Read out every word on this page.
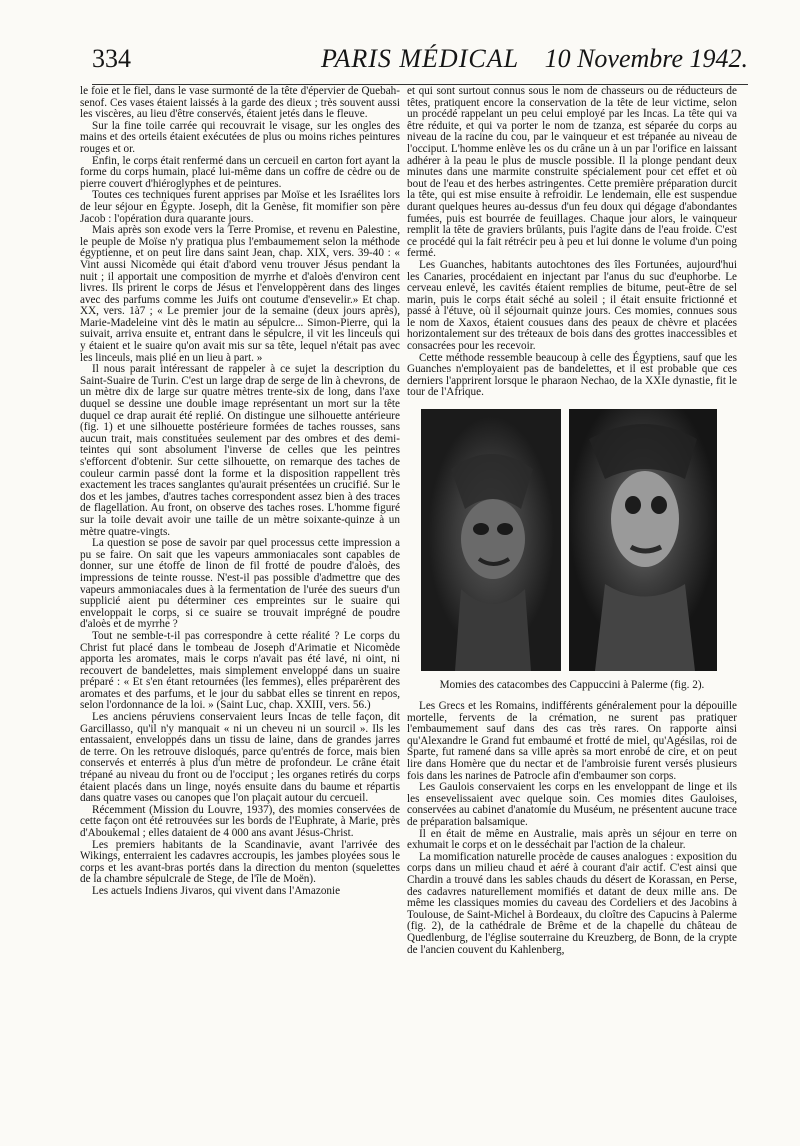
334	PARIS MÉDICAL 10 Novembre 1942.

le foie et le fiel, dans le vase surmonté de la tête d'épervier de Quebah-senof. Ces vases étaient laissés à la garde des dieux ; très souvent aussi les viscères, au lieu d'être conservés, étaient jetés dans le fleuve.

Sur la fine toile carrée qui recouvrait le visage, sur les ongles des mains et des orteils étaient exécutées de plus ou moins riches peintures rouges et or.

Enfin, le corps était renfermé dans un cercueil en carton fort ayant la forme du corps humain, placé lui-même dans un coffre de cèdre ou de pierre couvert d'hiéroglyphes et de peintures.

Toutes ces techniques furent apprises par Moïse et les Israélites lors de leur séjour en Égypte. Joseph, dit la Genèse, fit momifier son père Jacob : l'opération dura quarante jours.

Mais après son exode vers la Terre Promise, et revenu en Palestine, le peuple de Moïse n'y pratiqua plus l'embaumement selon la méthode égyptienne, et on peut lire dans saint Jean, chap. XIX, vers. 39-40 : « Vint aussi Nicomède qui était d'abord venu trouver Jésus pendant la nuit ; il apportait une composition de myrrhe et d'aloès d'environ cent livres. Ils prirent le corps de Jésus et l'enveloppèrent dans des linges avec des parfums comme les Juifs ont coutume d'ensevelir.» Et chap. XX, vers. 1à7 ; « Le premier jour de la semaine (deux jours après), Marie-Madeleine vint dès le matin au sépulcre... Simon-Pierre, qui la suivait, arriva ensuite et, entrant dans le sépulcre, il vit les linceuls qui y étaient et le suaire qu'on avait mis sur sa tête, lequel n'était pas avec les linceuls, mais plié en un lieu à part. »

Il nous parait intéressant de rappeler à ce sujet la description du Saint-Suaire de Turin. C'est un large drap de serge de lin à chevrons, de un mètre dix de large sur quatre mètres trente-six de long, dans l'axe duquel se dessine une double image représentant un mort sur la tête duquel ce drap aurait été replié. On distingue une silhouette antérieure (fig. 1) et une silhouette postérieure formées de taches rousses, sans aucun trait, mais constituées seulement par des ombres et des demi-teintes qui sont absolument l'inverse de celles que les peintres s'efforcent d'obtenir. Sur cette silhouette, on remarque des taches de couleur carmin passé dont la forme et la disposition rappellent très exactement les traces sanglantes qu'aurait présentées un crucifié. Sur le dos et les jambes, d'autres taches correspondent assez bien à des traces de flagellation. Au front, on observe des taches roses. L'homme figuré sur la toile devait avoir une taille de un mètre soixante-quinze à un mètre quatre-vingts.

La question se pose de savoir par quel processus cette impression a pu se faire. On sait que les vapeurs ammoniacales sont capables de donner, sur une étoffe de linon de fil frotté de poudre d'aloès, des impressions de teinte rousse. N'est-il pas possible d'admettre que des vapeurs ammoniacales dues à la fermentation de l'urée des sueurs d'un supplicié aient pu déterminer ces empreintes sur le suaire qui enveloppait le corps, si ce suaire se trouvait imprégné de poudre d'aloès et de myrrhe ?

Tout ne semble-t-il pas correspondre à cette réalité ? Le corps du Christ fut placé dans le tombeau de Joseph d'Arimatie et Nicomède apporta les aromates, mais le corps n'avait pas été lavé, ni oint, ni recouvert de bandelettes, mais simplement enveloppé dans un suaire préparé : « Et s'en étant retournées (les femmes), elles préparèrent des aromates et des parfums, et le jour du sabbat elles se tinrent en repos, selon l'ordonnance de la loi. » (Saint Luc, chap. XXIII, vers. 56.)

Les anciens péruviens conservaient leurs Incas de telle façon, dit Garcillasso, qu'il n'y manquait « ni un cheveu ni un sourcil ». Ils les entassaient, enveloppés dans un tissu de laine, dans de grandes jarres de terre. On les retrouve disloqués, parce qu'entrés de force, mais bien conservés et enterrés à plus d'un mètre de profondeur. Le crâne était trépané au niveau du front ou de l'occiput ; les organes retirés du corps étaient placés dans un linge, noyés ensuite dans du baume et répartis dans quatre vases ou canopes que l'on plaçait autour du cercueil.

Récemment (Mission du Louvre, 1937), des momies conservées de cette façon ont été retrouvées sur les bords de l'Euphrate, à Marie, près d'Aboukemal ; elles dataient de 4 000 ans avant Jésus-Christ.

Les premiers habitants de la Scandinavie, avant l'arrivée des Wikings, enterraient les cadavres accroupis, les jambes ployées sous le corps et les avant-bras portés dans la direction du menton (squelettes de la chambre sépulcrale de Stege, de l'île de Moën).

Les actuels Indiens Jivaros, qui vivent dans l'Amazonie

et qui sont surtout connus sous le nom de chasseurs ou de réducteurs de têtes, pratiquent encore la conservation de la tête de leur victime, selon un procédé rappelant un peu celui employé par les Incas. La tête qui va être réduite, et qui va porter le nom de tzanza, est séparée du corps au niveau de la racine du cou, par le vainqueur et est trépanée au niveau de l'occiput. L'homme enlève les os du crâne un à un par l'orifice en laissant adhérer à la peau le plus de muscle possible. Il la plonge pendant deux minutes dans une marmite construite spécialement pour cet effet et où bout de l'eau et des herbes astringentes. Cette première préparation durcit la tête, qui est mise ensuite à refroidir. Le lendemain, elle est suspendue durant quelques heures au-dessus d'un feu doux qui dégage d'abondantes fumées, puis est bourrée de feuillages. Chaque jour alors, le vainqueur remplit la tête de graviers brûlants, puis l'agite dans de l'eau froide. C'est ce procédé qui la fait rétrécir peu à peu et lui donne le volume d'un poing fermé.

Les Guanches, habitants autochtones des îles Fortunées, aujourd'hui les Canaries, procédaient en injectant par l'anus du suc d'euphorbe. Le cerveau enlevé, les cavités étaient remplies de bitume, peut-être de sel marin, puis le corps était séché au soleil ; il était ensuite frictionné et passé à l'étuve, où il séjournait quinze jours. Ces momies, connues sous le nom de Xaxos, étaient cousues dans des peaux de chèvre et placées horizontalement sur des tréteaux de bois dans des grottes inaccessibles et consacrées pour les recevoir.

Cette méthode ressemble beaucoup à celle des Égyptiens, sauf que les Guanches n'employaient pas de bandelettes, et il est probable que ces derniers l'apprirent lorsque le pharaon Nechao, de la XXIe dynastie, fit le tour de l'Afrique.

Momies des catacombes des Cappuccini à Palerme (fig. 2).

Les Grecs et les Romains, indifférents généralement pour la dépouille mortelle, fervents de la crémation, ne surent pas pratiquer l'embaumement sauf dans des cas très rares. On rapporte ainsi qu'Alexandre le Grand fut embaumé et frotté de miel, qu'Agésilas, roi de Sparte, fut ramené dans sa ville après sa mort enrobé de cire, et on peut lire dans Homère que du nectar et de l'ambroisie furent versés plusieurs fois dans les narines de Patrocle afin d'embaumer son corps.

Les Gaulois conservaient les corps en les enveloppant de linge et ils les ensevelissaient avec quelque soin. Ces momies dites Gauloises, conservées au cabinet d'anatomie du Muséum, ne présentent aucune trace de préparation balsamique.

Il en était de même en Australie, mais après un séjour en terre on exhumait le corps et on le desséchait par l'action de la chaleur.

La momification naturelle procède de causes analogues : exposition du corps dans un milieu chaud et aéré à courant d'air actif. C'est ainsi que Chardin a trouvé dans les sables chauds du désert de Korassan, en Perse, des cadavres naturellement momifiés et datant de deux mille ans. De même les classiques momies du caveau des Cordeliers et des Jacobins à Toulouse, de Saint-Michel à Bordeaux, du cloître des Capucins à Palerme (fig. 2), de la cathédrale de Brême et de la chapelle du château de Quedlenburg, de l'église souterraine du Kreuzberg, de Bonn, de la crypte de l'ancien couvent du Kahlenberg,
